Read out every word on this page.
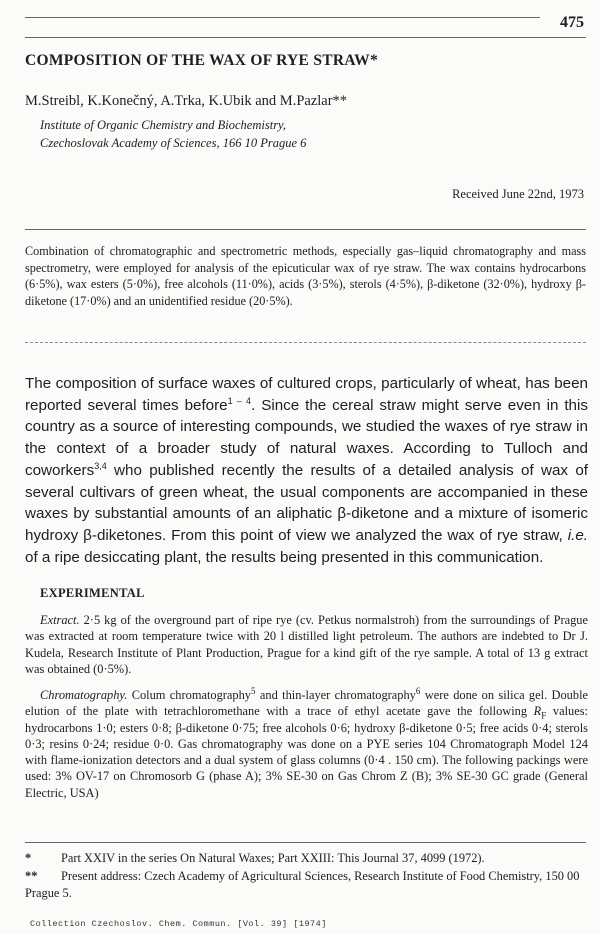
475
COMPOSITION OF THE WAX OF RYE STRAW*
M.Streibl, K.Konečný, A.Trka, K.Ubik and M.Pazlar**
Institute of Organic Chemistry and Biochemistry,
Czechoslovak Academy of Sciences, 166 10 Prague 6
Received June 22nd, 1973
Combination of chromatographic and spectrometric methods, especially gas–liquid chromatography and mass spectrometry, were employed for analysis of the epicuticular wax of rye straw. The wax contains hydrocarbons (6·5%), wax esters (5·0%), free alcohols (11·0%), acids (3·5%), sterols (4·5%), β-diketone (32·0%), hydroxy β-diketone (17·0%) and an unidentified residue (20·5%).
The composition of surface waxes of cultured crops, particularly of wheat, has been reported several times before$^{1 - 4}$. Since the cereal straw might serve even in this country as a source of interesting compounds, we studied the waxes of rye straw in the context of a broader study of natural waxes. According to Tulloch and coworkers$^{3,4}$ who published recently the results of a detailed analysis of wax of several cultivars of green wheat, the usual components are accompanied in these waxes by substantial amounts of an aliphatic β-diketone and a mixture of isomeric hydroxy β-diketones. From this point of view we analyzed the wax of rye straw, i.e. of a ripe desiccating plant, the results being presented in this communication.
EXPERIMENTAL
Extract. 2·5 kg of the overground part of ripe rye (cv. Petkus normalstroh) from the surroundings of Prague was extracted at room temperature twice with 20 l distilled light petroleum. The authors are indebted to Dr J. Kudela, Research Institute of Plant Production, Prague for a kind gift of the rye sample. A total of 13 g extract was obtained (0·5%).
Chromatography. Colum chromatography$^5$ and thin-layer chromatography$^6$ were done on silica gel. Double elution of the plate with tetrachloromethane with a trace of ethyl acetate gave the following $R_F$ values: hydrocarbons 1·0; esters 0·8; β-diketone 0·75; free alcohols 0·6; hydroxy β-diketone 0·5; free acids 0·4; sterols 0·3; resins 0·24; residue 0·0. Gas chromatography was done on a PYE series 104 Chromatograph Model 124 with flame-ionization detectors and a dual system of glass columns (0·4 . 150 cm). The following packings were used: 3% OV-17 on Chromosorb G (phase A); 3% SE-30 on Gas Chrom Z (B); 3% SE-30 GC grade (General Electric, USA)
* Part XXIV in the series On Natural Waxes; Part XXIII: This Journal 37, 4099 (1972).
** Present address: Czech Academy of Agricultural Sciences, Research Institute of Food Chemistry, 150 00 Prague 5.
Collection Czechoslov. Chem. Commun. [Vol. 39] [1974]
